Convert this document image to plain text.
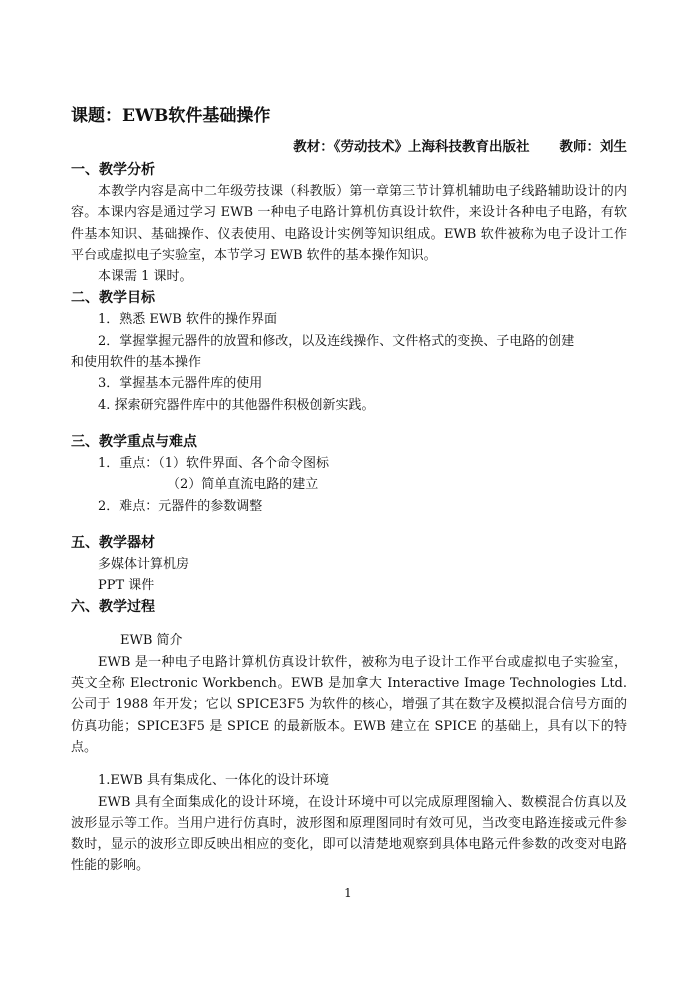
课题：EWB软件基础操作
教材：《劳动技术》上海科技教育出版社 教师：刘生
一、教学分析

本教学内容是高中二年级劳技课（科教版）第一章第三节计算机辅助电子线路辅助设计的内容。本课内容是通过学习 EWB 一种电子电路计算机仿真设计软件，来设计各种电子电路，有软件基本知识、基础操作、仪表使用、电路设计实例等知识组成。EWB 软件被称为电子设计工作平台或虚拟电子实验室，本节学习 EWB 软件的基本操作知识。

本课需 1 课时。

二、教学目标
1．熟悉 EWB 软件的操作界面
2．掌握掌握元器件的放置和修改，以及连线操作、文件格式的变换、子电路的创建
和使用软件的基本操作
3．掌握基本元器件库的使用
4. 探索研究器件库中的其他器件积极创新实践。
三、教学重点与难点
1．重点：（1）软件界面、各个命令图标
（2）简单直流电路的建立
2．难点：元器件的参数调整
五、教学器材
多媒体计算机房
PPT 课件
六、教学过程
EWB 简介

EWB 是一种电子电路计算机仿真设计软件，被称为电子设计工作平台或虚拟电子实验室，英文全称 Electronic Workbench。EWB 是加拿大 Interactive Image Technologies Ltd.公司于 1988 年开发；它以 SPICE3F5 为软件的核心，增强了其在数字及模拟混合信号方面的仿真功能；SPICE3F5 是 SPICE 的最新版本。EWB 建立在 SPICE 的基础上，具有以下的特点。

1.EWB 具有集成化、一体化的设计环境

EWB 具有全面集成化的设计环境，在设计环境中可以完成原理图输入、数模混合仿真以及波形显示等工作。当用户进行仿真时，波形图和原理图同时有效可见，当改变电路连接或元件参数时，显示的波形立即反映出相应的变化，即可以清楚地观察到具体电路元件参数的改变对电路性能的影响。

1
